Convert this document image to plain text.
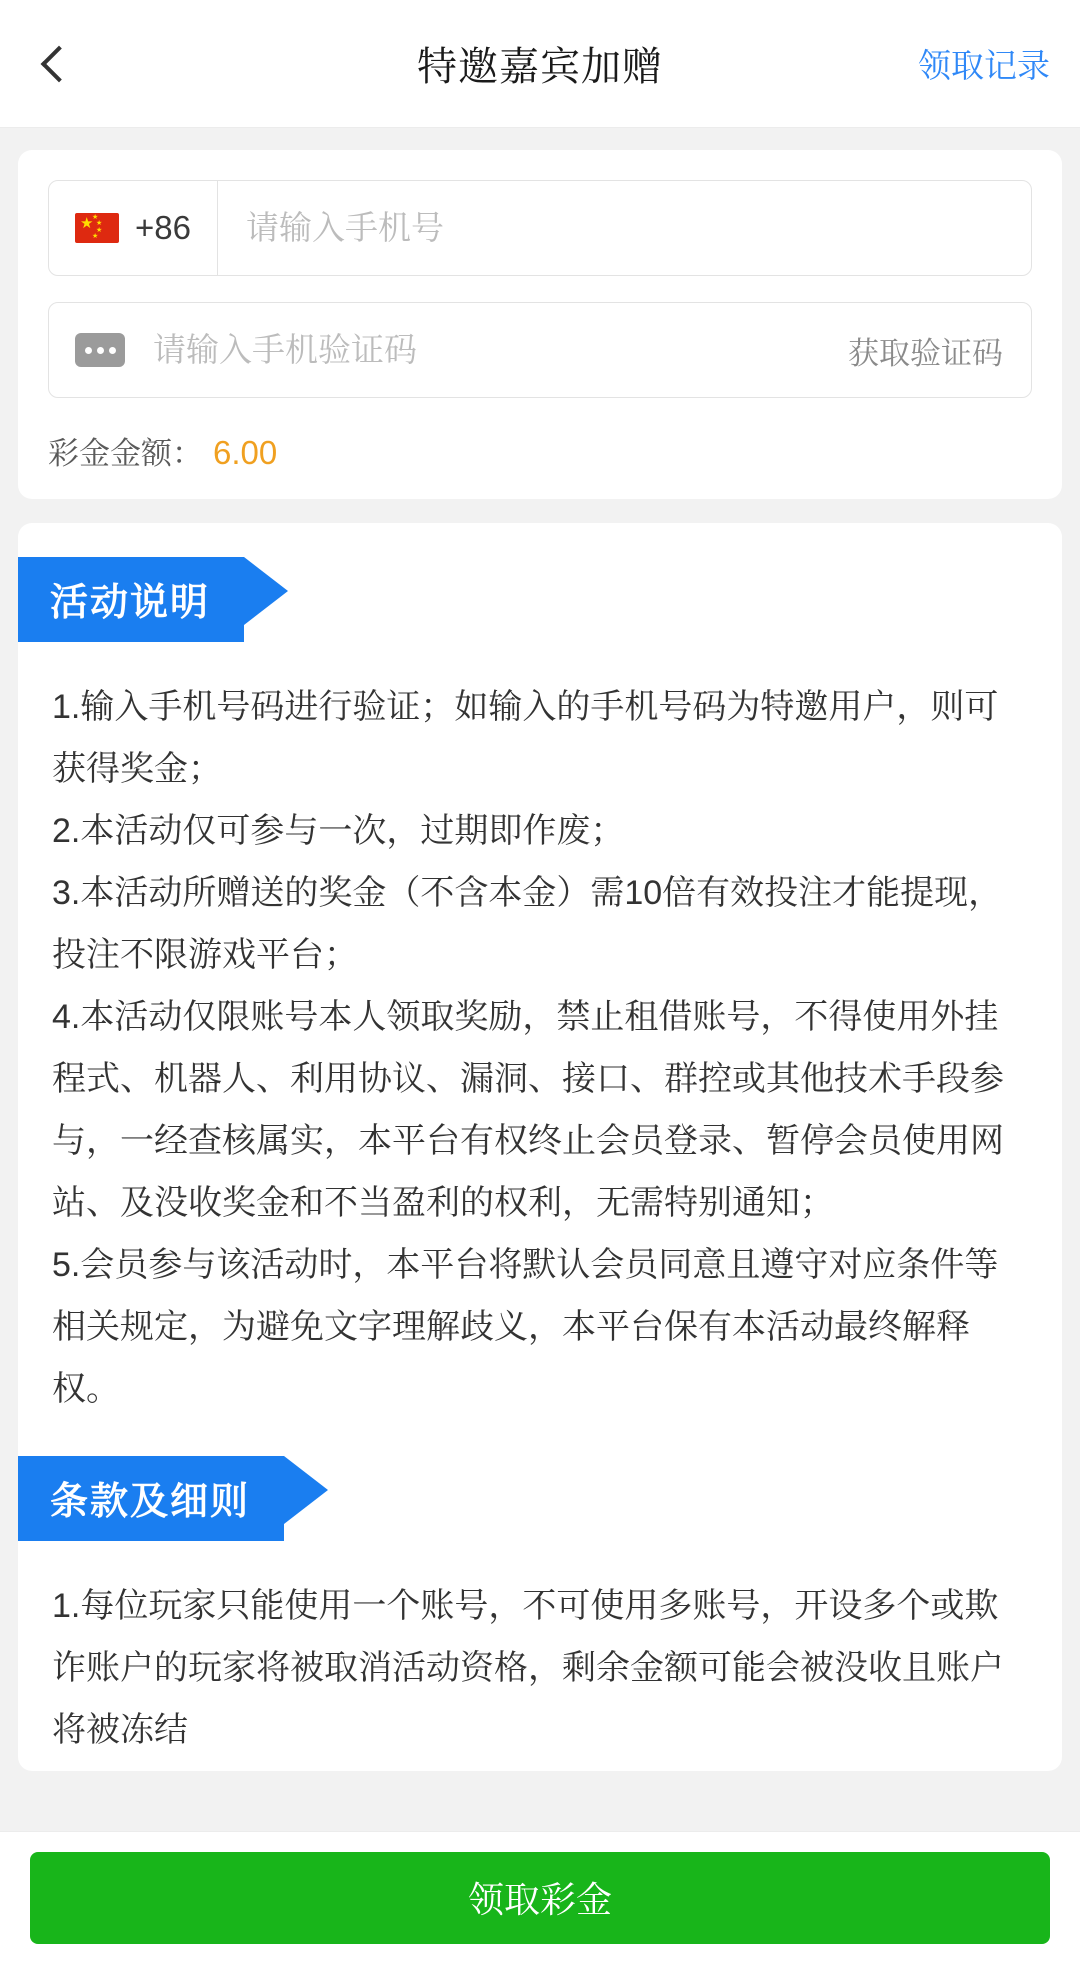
特邀嘉宾加赠	领取记录
★
★
★
★
★ +86
请输入手机号
请输入手机验证码
获取验证码
彩金金额： 6.00
活动说明

1.输入手机号码进行验证；如输入的手机号码为特邀用户，则可获得奖金；

2.本活动仅可参与一次，过期即作废；

3.本活动所赠送的奖金（不含本金）需10倍有效投注才能提现，投注不限游戏平台；

4.本活动仅限账号本人领取奖励，禁止租借账号，不得使用外挂程式、机器人、利用协议、漏洞、接口、群控或其他技术手段参与，一经查核属实，本平台有权终止会员登录、暂停会员使用网站、及没收奖金和不当盈利的权利，无需特别通知；

5.会员参与该活动时，本平台将默认会员同意且遵守对应条件等相关规定，为避免文字理解歧义，本平台保有本活动最终解释权。

条款及细则

1.每位玩家只能使用一个账号，不可使用多账号，开设多个或欺诈账户的玩家将被取消活动资格，剩余金额可能会被没收且账户将被冻结

领取彩金
